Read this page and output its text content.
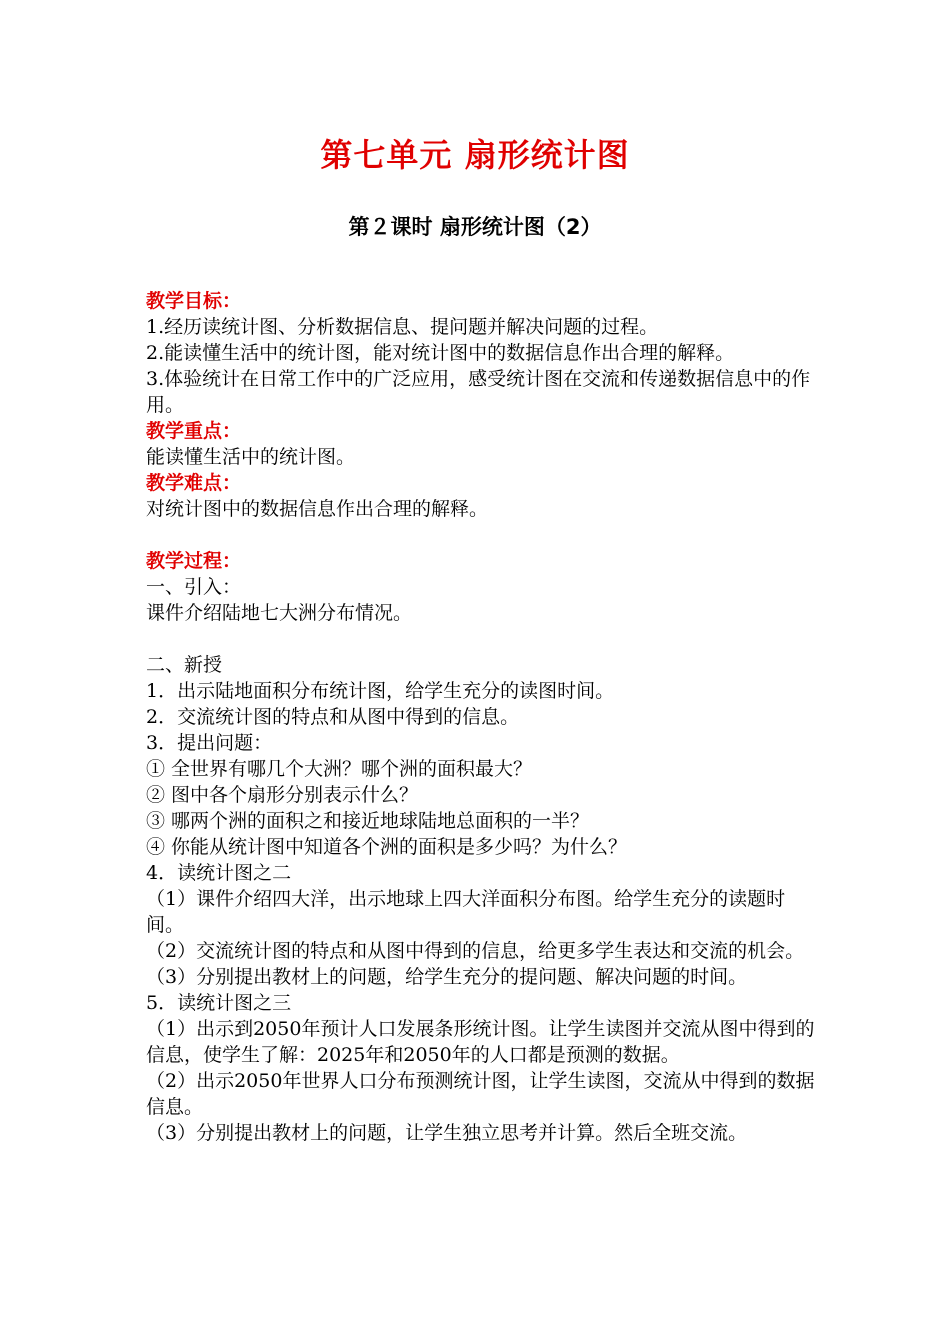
第七单元 扇形统计图
第２课时 扇形统计图（2）
教学目标：
1.经历读统计图、分析数据信息、提问题并解决问题的过程。
2.能读懂生活中的统计图，能对统计图中的数据信息作出合理的解释。
3.体验统计在日常工作中的广泛应用，感受统计图在交流和传递数据信息中的作用。
教学重点：
能读懂生活中的统计图。
教学难点：
对统计图中的数据信息作出合理的解释。
教学过程：
一、引入：
课件介绍陆地七大洲分布情况。
二、新授
1．出示陆地面积分布统计图，给学生充分的读图时间。
2．交流统计图的特点和从图中得到的信息。
3．提出问题：
① 全世界有哪几个大洲？哪个洲的面积最大？
② 图中各个扇形分别表示什么？
③ 哪两个洲的面积之和接近地球陆地总面积的一半？
④ 你能从统计图中知道各个洲的面积是多少吗？为什么？
4．读统计图之二
（1）课件介绍四大洋，出示地球上四大洋面积分布图。给学生充分的读题时间。
（2）交流统计图的特点和从图中得到的信息，给更多学生表达和交流的机会。
（3）分别提出教材上的问题，给学生充分的提问题、解决问题的时间。
5．读统计图之三
（1）出示到2050年预计人口发展条形统计图。让学生读图并交流从图中得到的信息，使学生了解：2025年和2050年的人口都是预测的数据。
（2）出示2050年世界人口分布预测统计图，让学生读图，交流从中得到的数据信息。
（3）分别提出教材上的问题，让学生独立思考并计算。然后全班交流。
